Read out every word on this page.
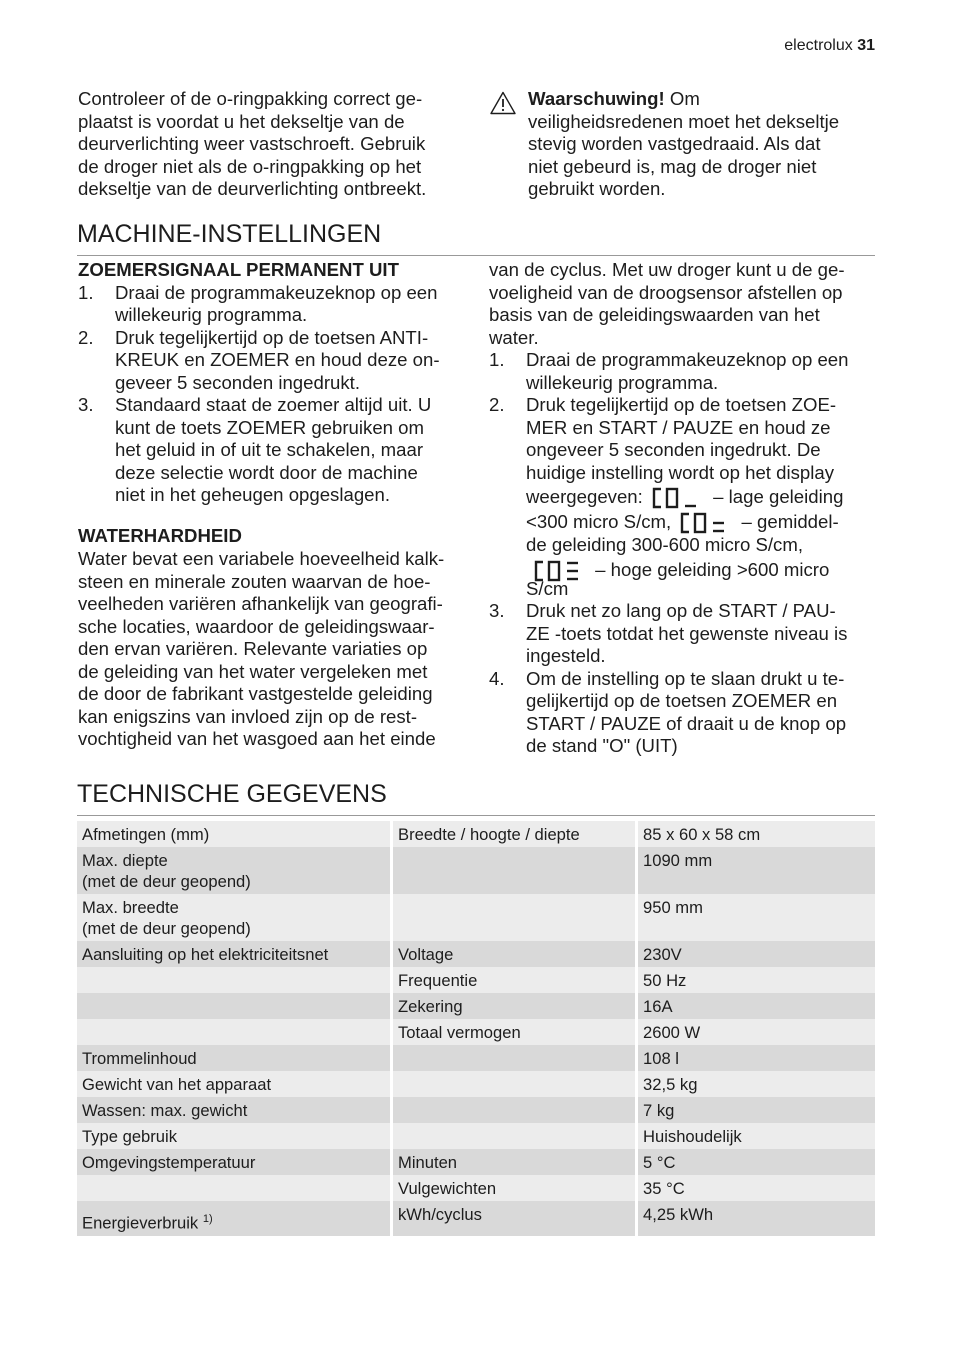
electrolux 31

Controleer of de o-ringpakking correct ge-

plaatst is voordat u het dekseltje van de

deurverlichting weer vastschroeft. Gebruik

de droger niet als de o-ringpakking op het

dekseltje van de deurverlichting ontbreekt.

Waarschuwing! Om

veiligheidsredenen moet het dekseltje

stevig worden vastgedraaid. Als dat

niet gebeurd is, mag de droger niet

gebruikt worden.

MACHINE-INSTELLINGEN
ZOEMERSIGNAAL PERMANENT UIT
1. Draai de programmakeuzeknop op een
willekeurig programma.
2. Druk tegelijkertijd op de toetsen ANTI-
KREUK en ZOEMER en houd deze on-
geveer 5 seconden ingedrukt.
3. Standaard staat de zoemer altijd uit. U
kunt de toets ZOEMER gebruiken om
het geluid in of uit te schakelen, maar
deze selectie wordt door de machine
niet in het geheugen opgeslagen.
WATERHARDHEID

Water bevat een variabele hoeveelheid kalk-

steen en minerale zouten waarvan de hoe-

veelheden variëren afhankelijk van geografi-

sche locaties, waardoor de geleidingswaar-

den ervan variëren. Relevante variaties op

de geleiding van het water vergeleken met

de door de fabrikant vastgestelde geleiding

kan enigszins van invloed zijn op de rest-

vochtigheid van het wasgoed aan het einde

van de cyclus. Met uw droger kunt u de ge-

voeligheid van de droogsensor afstellen op

basis van de geleidingswaarden van het

water.

1. Draai de programmakeuzeknop op een
willekeurig programma.
2. Druk tegelijkertijd op de toetsen ZOE-
MER en START / PAUZE en houd ze
ongeveer 5 seconden ingedrukt. De
huidige instelling wordt op het display
weergegeven:	– lage geleiding
<300 micro S/cm,	– gemiddel-
de geleiding 300-600 micro S/cm,
– hoge geleiding >600 micro
S/cm
3. Druk net zo lang op de START / PAU-
ZE -toets totdat het gewenste niveau is
ingesteld.
4. Om de instelling op te slaan drukt u te-
gelijkertijd op de toetsen ZOEMER en
START / PAUZE of draait u de knop op
de stand "O" (UIT)
TECHNISCHE GEGEVENS
Afmetingen (mm)	Breedte / hoogte / diepte	85 x 60 x 58 cm
Max. diepte
(met de deur geopend)		1090 mm
Max. breedte
(met de deur geopend)		950 mm
Aansluiting op het elektriciteitsnet	Voltage	230V
	Frequentie	50 Hz
	Zekering	16A
	Totaal vermogen	2600 W
Trommelinhoud		108 l
Gewicht van het apparaat		32,5 kg
Wassen: max. gewicht		7 kg
Type gebruik		Huishoudelijk
Omgevingstemperatuur	Minuten	5 °C
	Vulgewichten	35 °C
Energieverbruik $^{1)}$	kWh/cyclus	4,25 kWh
